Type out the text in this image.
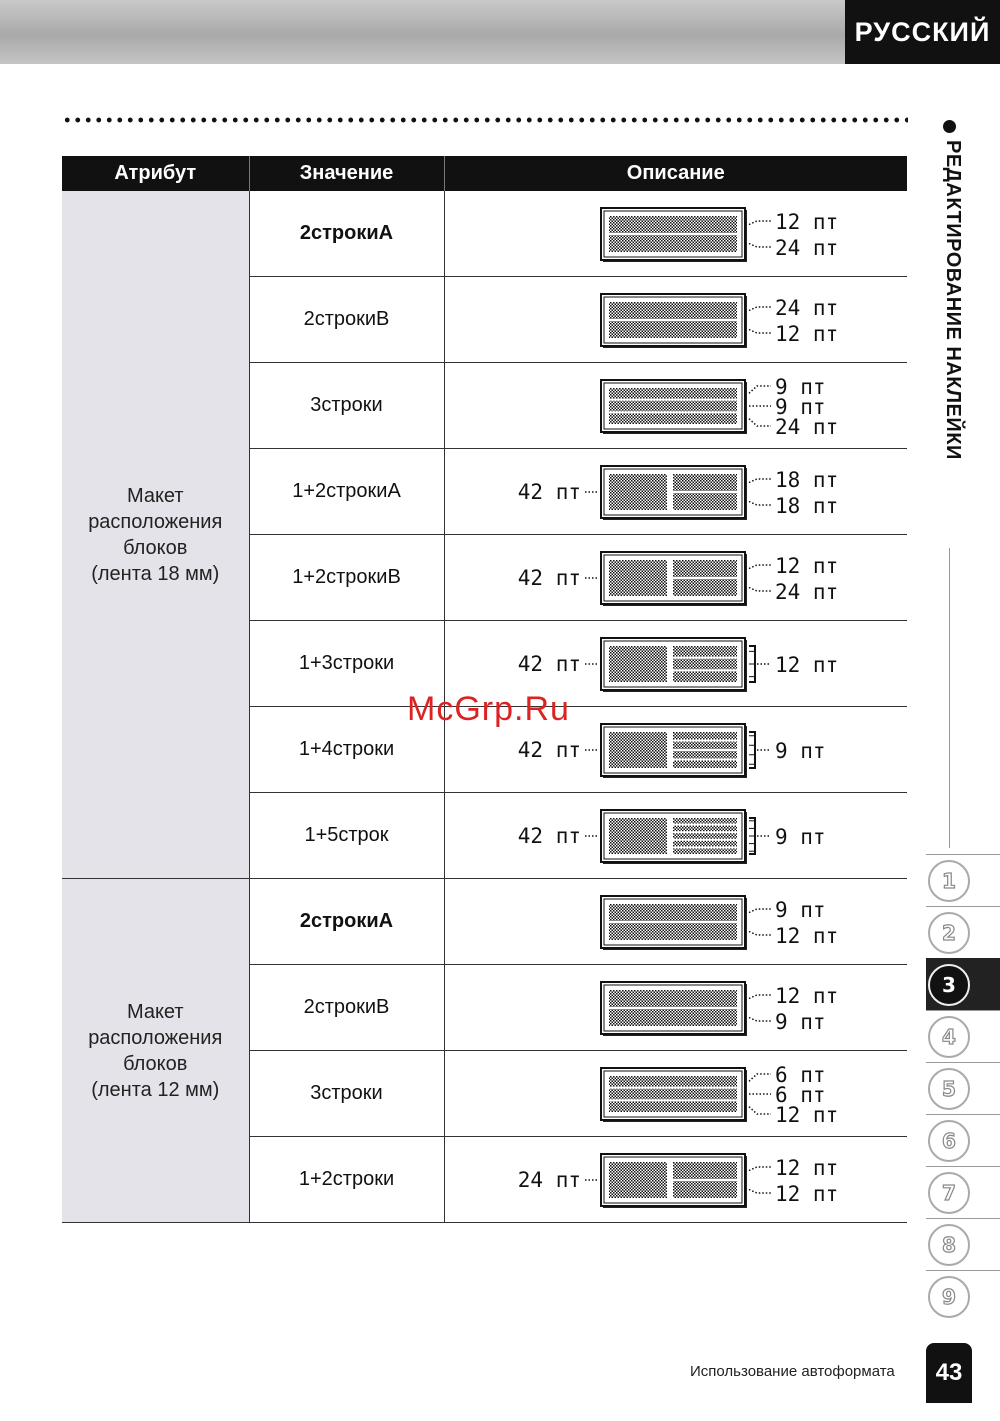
РУССКИЙ
РЕДАКТИРОВАНИЕ НАКЛЕЙКИ
1
2
3
4
5
6
7
8
9
Атрибут	Значение	Описание

Макет
расположения
блоков
(лента 18 мм)	2строкиA	12 пт
24 пт

	2строкиB	24 пт
12 пт

	3строки	9 пт
9 пт
24 пт

	1+2строкиA	42 пт 18 пт
18 пт

	1+2строкиB	42 пт 12 пт
24 пт

	1+3строки	42 пт 12 пт

	1+4строки	42 пт 9 пт

	1+5строк	42 пт 9 пт

Макет
расположения
блоков
(лента 12 мм)	2строкиA	9 пт
12 пт

	2строкиB	12 пт
9 пт

	3строки	6 пт
6 пт
12 пт

	1+2строки	24 пт 12 пт
12 пт
McGrp.Ru
Использование автоформата	43
